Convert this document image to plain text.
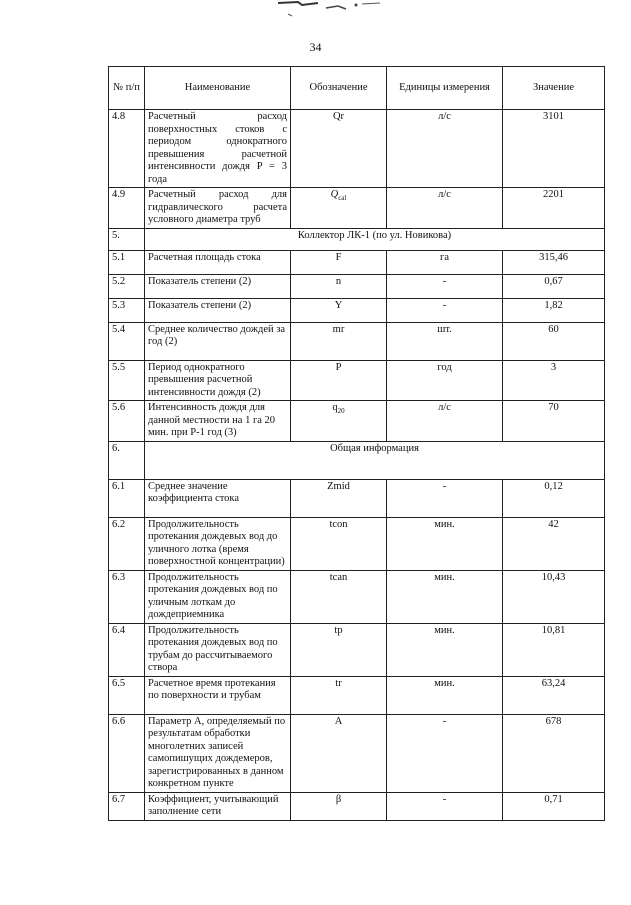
34
№ п/п	Наименование	Обозначение	Единицы измерения	Значение
4.8	Расчетный расход поверхностных стоков с периодом однократного превышения расчетной интенсивности дождя P = 3 года	Qr	л/с	3101
4.9	Расчетный расход для гидравлического расчета условного диаметра труб	$Q_{cal}$	л/с	2201
5.	Коллектор ЛК-1 (по ул. Новикова)			
5.1	Расчетная площадь стока	F	га	315,46
5.2	Показатель степени (2)	n	-	0,67
5.3	Показатель степени (2)	Y	-	1,82
5.4	Среднее количество дождей за год (2)	mr	шт.	60
5.5	Период однократного превышения расчетной интенсивности дождя (2)	P	год	3
5.6	Интенсивность дождя для данной местности на 1 га 20 мин. при P-1 год (3)	$q_{20}$	л/с	70
6.	Общая информация			
6.1	Среднее значение коэффициента стока	Zmid	-	0,12
6.2	Продолжительность протекания дождевых вод до уличного лотка (время поверхностной концентрации)	tcon	мин.	42
6.3	Продолжительность протекания дождевых вод по уличным лоткам до дождеприемника	tcan	мин.	10,43
6.4	Продолжительность протекания дождевых вод по трубам до рассчитываемого створа	tp	мин.	10,81
6.5	Расчетное время протекания по поверхности и трубам	tr	мин.	63,24
6.6	Параметр A, определяемый по результатам обработки многолетних записей самопишущих дождемеров, зарегистрированных в данном конкретном пункте	A	-	678
6.7	Коэффициент, учитывающий заполнение сети	β	-	0,71
